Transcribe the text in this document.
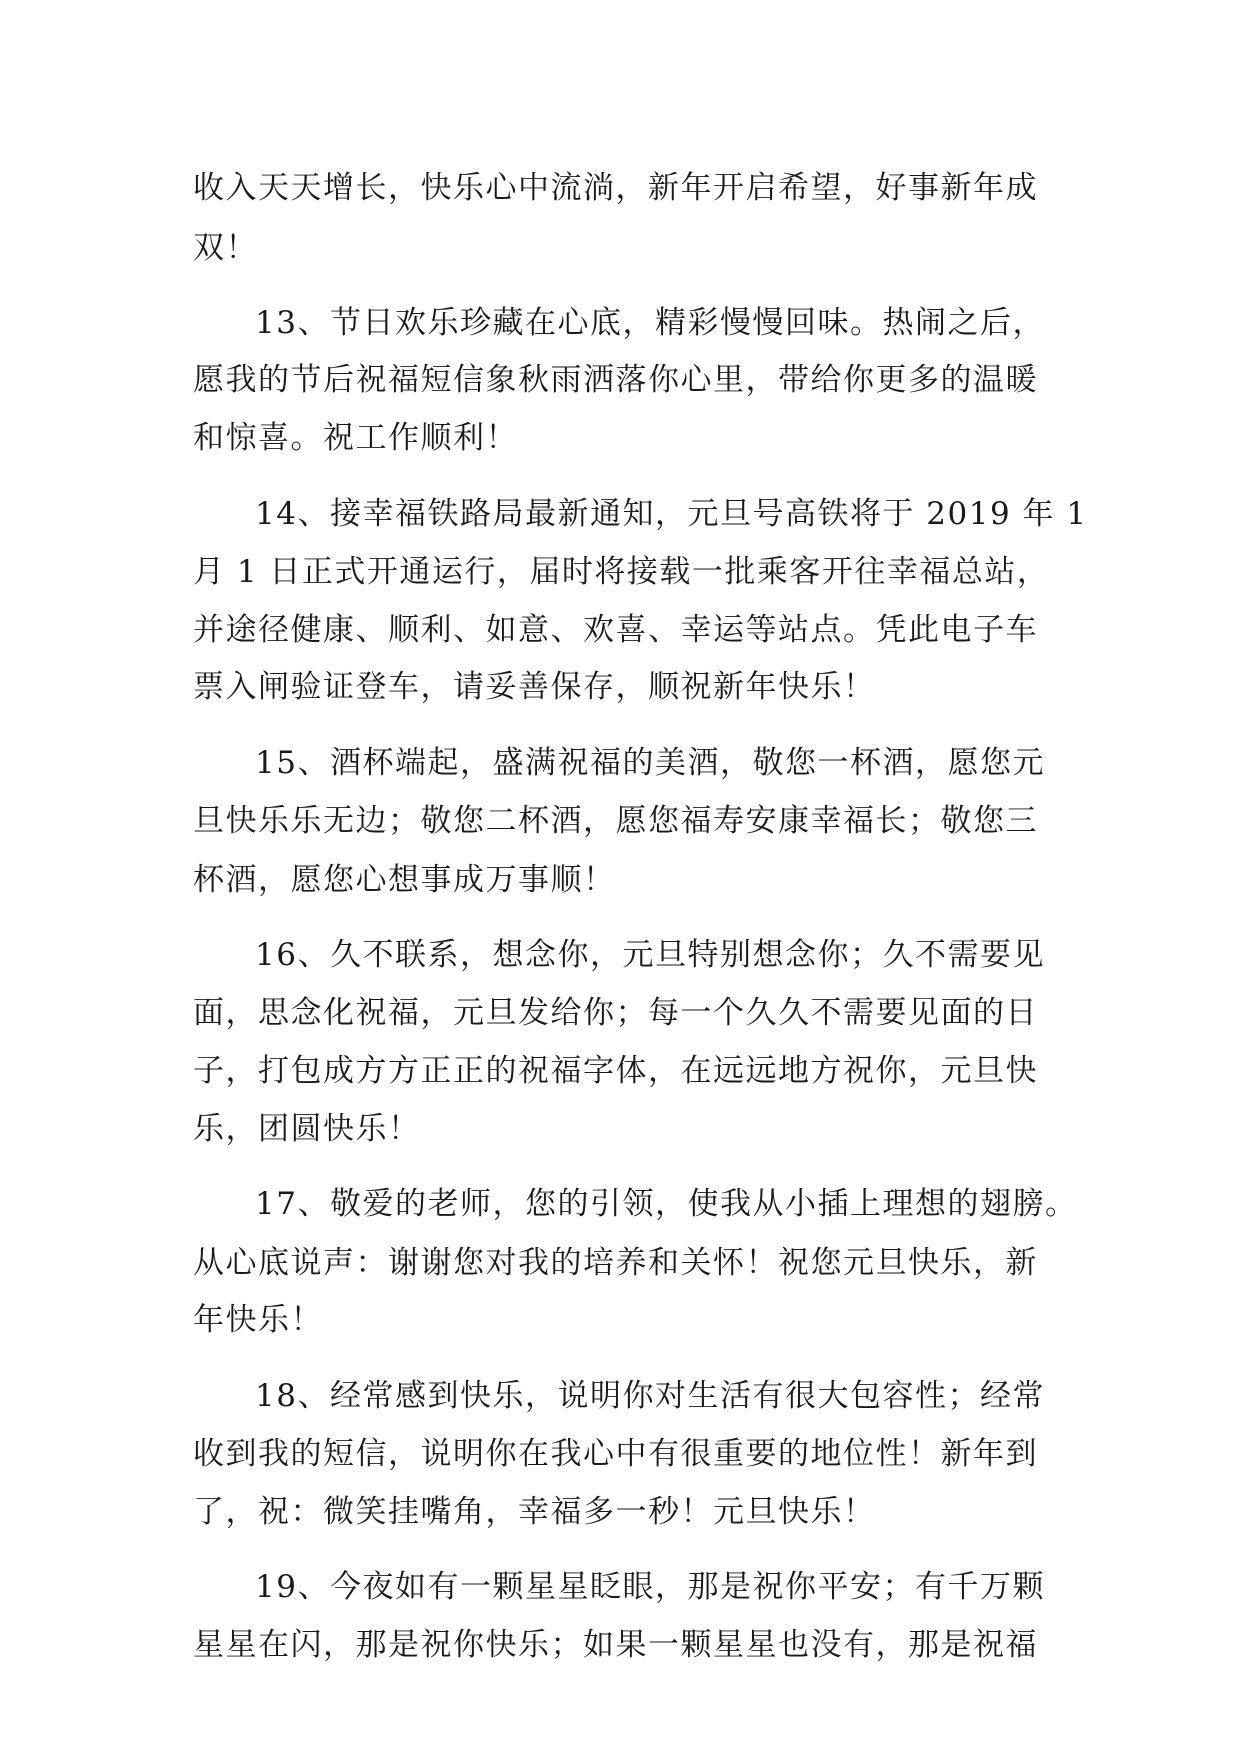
收入天天增长，快乐心中流淌，新年开启希望，好事新年成
双！
13、节日欢乐珍藏在心底，精彩慢慢回味。热闹之后，
愿我的节后祝福短信象秋雨洒落你心里，带给你更多的温暖
和惊喜。祝工作顺利！
14、接幸福铁路局最新通知，元旦号高铁将于 2019 年 1
月 1 日正式开通运行，届时将接载一批乘客开往幸福总站，
并途径健康、顺利、如意、欢喜、幸运等站点。凭此电子车
票入闸验证登车，请妥善保存，顺祝新年快乐！
15、酒杯端起，盛满祝福的美酒，敬您一杯酒，愿您元
旦快乐乐无边；敬您二杯酒，愿您福寿安康幸福长；敬您三
杯酒，愿您心想事成万事顺！
16、久不联系，想念你，元旦特别想念你；久不需要见
面，思念化祝福，元旦发给你；每一个久久不需要见面的日
子，打包成方方正正的祝福字体，在远远地方祝你，元旦快
乐，团圆快乐！
17、敬爱的老师，您的引领，使我从小插上理想的翅膀。
从心底说声：谢谢您对我的培养和关怀！祝您元旦快乐，新
年快乐！
18、经常感到快乐，说明你对生活有很大包容性；经常
收到我的短信，说明你在我心中有很重要的地位性！新年到
了，祝：微笑挂嘴角，幸福多一秒！元旦快乐！
19、今夜如有一颗星星眨眼，那是祝你平安；有千万颗
星星在闪，那是祝你快乐；如果一颗星星也没有，那是祝福
